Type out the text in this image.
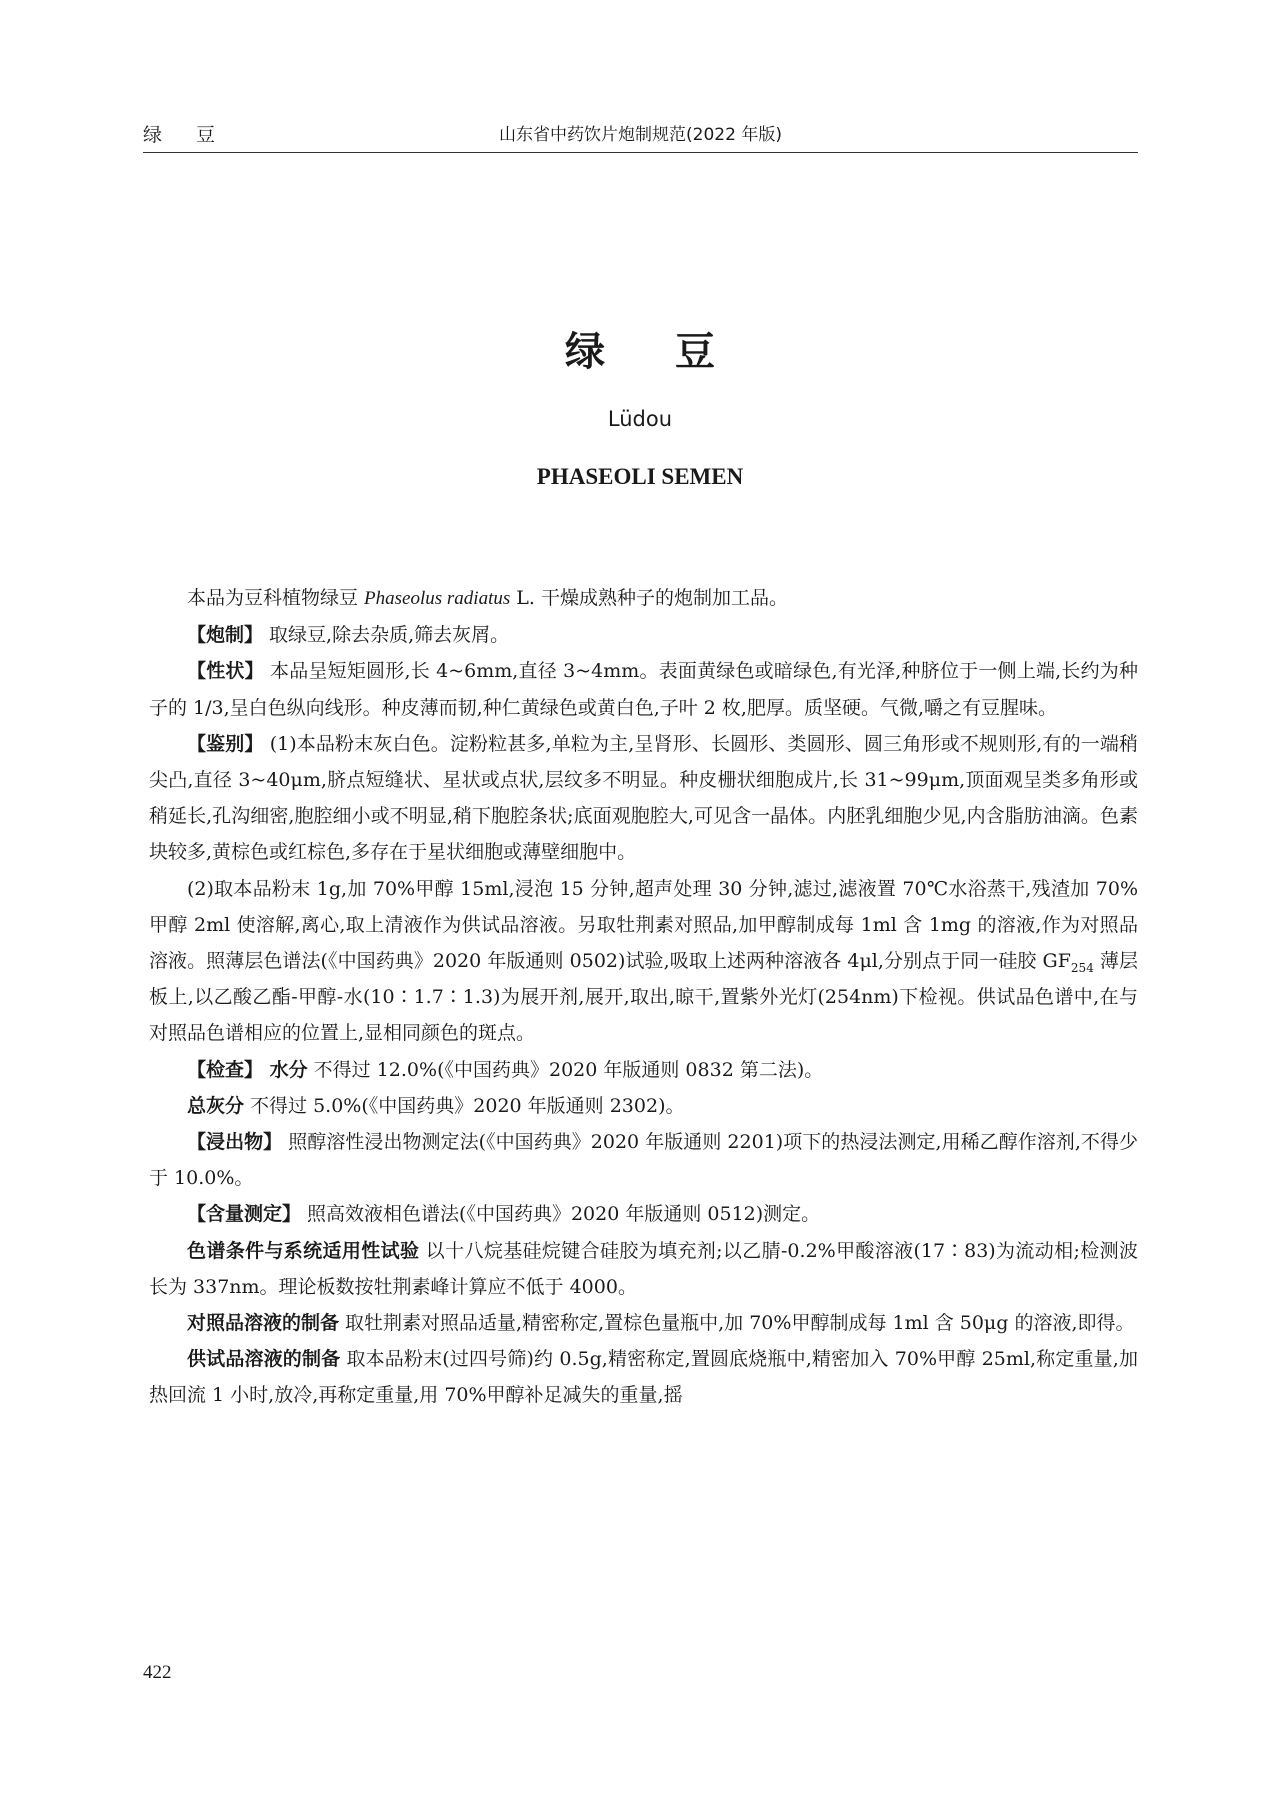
绿 豆	山东省中药饮片炮制规范(2022 年版)
绿 豆
Lüdou
PHASEOLI SEMEN

本品为豆科植物绿豆 Phaseolus radiatus L. 干燥成熟种子的炮制加工品。

【炮制】 取绿豆,除去杂质,筛去灰屑。

【性状】 本品呈短矩圆形,长 4~6mm,直径 3~4mm。表面黄绿色或暗绿色,有光泽,种脐位于一侧上端,长约为种子的 1/3,呈白色纵向线形。种皮薄而韧,种仁黄绿色或黄白色,子叶 2 枚,肥厚。质坚硬。气微,嚼之有豆腥味。

【鉴别】 (1)本品粉末灰白色。淀粉粒甚多,单粒为主,呈肾形、长圆形、类圆形、圆三角形或不规则形,有的一端稍尖凸,直径 3~40μm,脐点短缝状、星状或点状,层纹多不明显。种皮栅状细胞成片,长 31~99μm,顶面观呈类多角形或稍延长,孔沟细密,胞腔细小或不明显,稍下胞腔条状;底面观胞腔大,可见含一晶体。内胚乳细胞少见,内含脂肪油滴。色素块较多,黄棕色或红棕色,多存在于星状细胞或薄壁细胞中。

(2)取本品粉末 1g,加 70%甲醇 15ml,浸泡 15 分钟,超声处理 30 分钟,滤过,滤液置 70℃水浴蒸干,残渣加 70%甲醇 2ml 使溶解,离心,取上清液作为供试品溶液。另取牡荆素对照品,加甲醇制成每 1ml 含 1mg 的溶液,作为对照品溶液。照薄层色谱法(《中国药典》2020 年版通则 0502)试验,吸取上述两种溶液各 4μl,分别点于同一硅胶 $GF_{254}$ 薄层板上,以乙酸乙酯-甲醇-水(10∶1.7∶1.3)为展开剂,展开,取出,晾干,置紫外光灯(254nm)下检视。供试品色谱中,在与对照品色谱相应的位置上,显相同颜色的斑点。

【检查】 水分 不得过 12.0%(《中国药典》2020 年版通则 0832 第二法)。

总灰分 不得过 5.0%(《中国药典》2020 年版通则 2302)。

【浸出物】 照醇溶性浸出物测定法(《中国药典》2020 年版通则 2201)项下的热浸法测定,用稀乙醇作溶剂,不得少于 10.0%。

【含量测定】 照高效液相色谱法(《中国药典》2020 年版通则 0512)测定。

色谱条件与系统适用性试验 以十八烷基硅烷键合硅胶为填充剂;以乙腈-0.2%甲酸溶液(17∶83)为流动相;检测波长为 337nm。理论板数按牡荆素峰计算应不低于 4000。

对照品溶液的制备 取牡荆素对照品适量,精密称定,置棕色量瓶中,加 70%甲醇制成每 1ml 含 50μg 的溶液,即得。

供试品溶液的制备 取本品粉末(过四号筛)约 0.5g,精密称定,置圆底烧瓶中,精密加入 70%甲醇 25ml,称定重量,加热回流 1 小时,放冷,再称定重量,用 70%甲醇补足减失的重量,摇

422
